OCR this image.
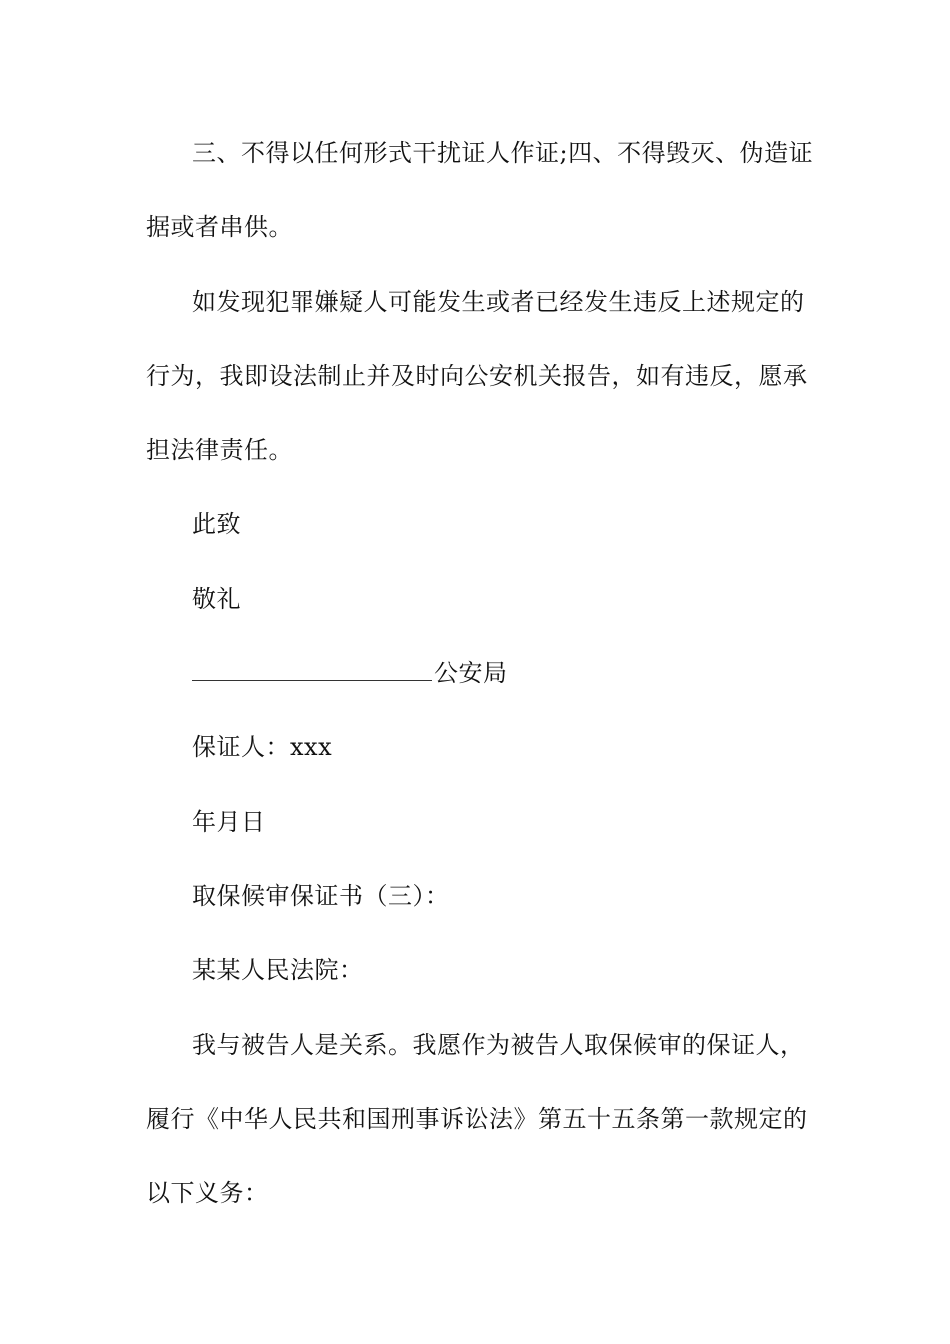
三、不得以任何形式干扰证人作证;四、不得毁灭、伪造证
据或者串供。
如发现犯罪嫌疑人可能发生或者已经发生违反上述规定的
行为，我即设法制止并及时向公安机关报告，如有违反，愿承
担法律责任。
此致
敬礼
公安局
保证人：xxx
年月日
取保候审保证书（三）：
某某人民法院：
我与被告人是关系。我愿作为被告人取保候审的保证人，
履行《中华人民共和国刑事诉讼法》第五十五条第一款规定的
以下义务：
